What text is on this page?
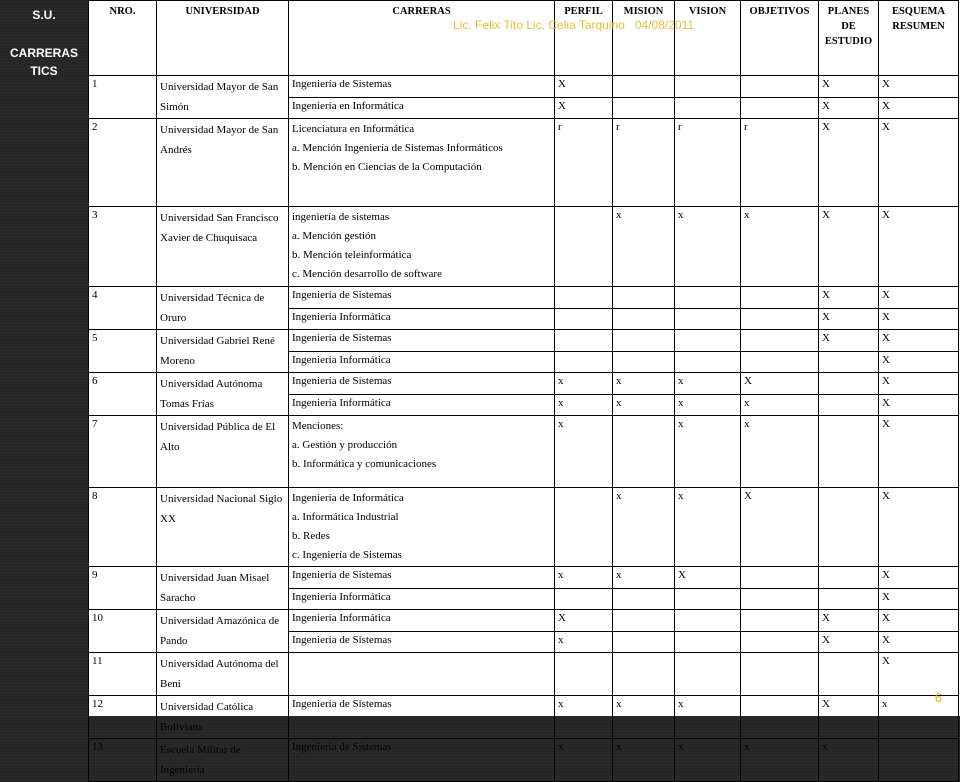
S.U.
CARRERAS
TICS
NRO.	UNIVERSIDAD	CARRERAS	PERFIL	MISION	VISION	OBJETIVOS	PLANES DE ESTUDIO	ESQUEMA RESUMEN
1	Universidad Mayor de San Simón	Ingeniería de Sistemas	X				X	X

		Ingeniería en Informática	X				X	X
2	Universidad Mayor de San Andrés	Licenciatura en Informática
a. Mención Ingeniería de Sistemas Informáticos
b. Mención en Ciencias de la Computación	r	r	r	r	X	X
3	Universidad San Francisco Xavier de Chuquisaca	ingeniería de sistemas
a. Mención gestión
b. Mención teleinformática
c. Mención desarrollo de software		x	x	x	X	X
4	Universidad Técnica de Oruro	Ingeniería de Sistemas					X	X

		Ingeniería Informática					X	X
5	Universidad Gabriel René Moreno	Ingeniería de Sistemas					X	X

		Ingeniería Informática						X
6	Universidad Autónoma Tomas Frías	Ingeniería de Sistemas	x	x	x	X		X

		Ingeniería Informática	x	x	x	x		X
7	Universidad Pública de El Alto	Menciones:
a. Gestión y producción
b. Informática y comunicaciones	x		x	x		X
8	Universidad Nacional Siglo XX	Ingeniería de Informática
a. Informática Industrial
b. Redes
c. Ingeniería de Sistemas		x	x	X		X
9	Universidad Juan Misael Saracho	Ingeniería de Sistemas	x	x	X			X

		Ingeniería Informática						X
10	Universidad Amazónica de Pando	Ingeniería Informática	X				X	X

		Ingeniería de Sistemas	x				X	X
11	Universidad Autónoma del Beni							X
12	Universidad Católica Boliviana	Ingeniería de Sistemas	x	x	x		X	x
13	Escuela Militar de Ingeniería	Ingeniería de Sistemas	x	x	x	x	x	
Lic. Felix Tito Lic. Celia Tarquino 04/08/2011
6
